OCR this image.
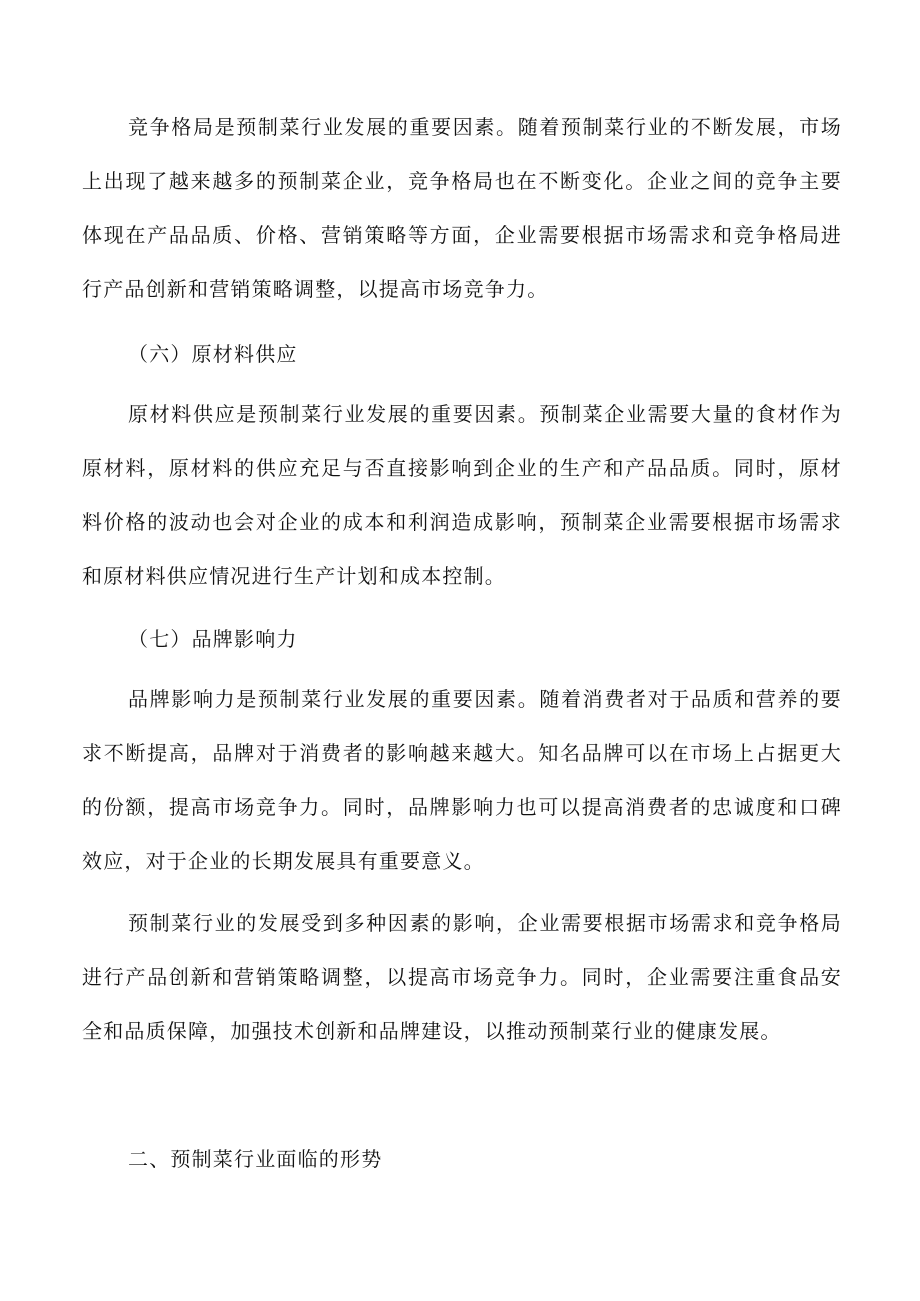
竞争格局是预制菜行业发展的重要因素。随着预制菜行业的不断发展，市场上出现了越来越多的预制菜企业，竞争格局也在不断变化。企业之间的竞争主要体现在产品品质、价格、营销策略等方面，企业需要根据市场需求和竞争格局进行产品创新和营销策略调整，以提高市场竞争力。

（六）原材料供应

原材料供应是预制菜行业发展的重要因素。预制菜企业需要大量的食材作为原材料，原材料的供应充足与否直接影响到企业的生产和产品品质。同时，原材料价格的波动也会对企业的成本和利润造成影响，预制菜企业需要根据市场需求和原材料供应情况进行生产计划和成本控制。

（七）品牌影响力

品牌影响力是预制菜行业发展的重要因素。随着消费者对于品质和营养的要求不断提高，品牌对于消费者的影响越来越大。知名品牌可以在市场上占据更大的份额，提高市场竞争力。同时，品牌影响力也可以提高消费者的忠诚度和口碑效应，对于企业的长期发展具有重要意义。

预制菜行业的发展受到多种因素的影响，企业需要根据市场需求和竞争格局进行产品创新和营销策略调整，以提高市场竞争力。同时，企业需要注重食品安全和品质保障，加强技术创新和品牌建设，以推动预制菜行业的健康发展。

二、预制菜行业面临的形势
